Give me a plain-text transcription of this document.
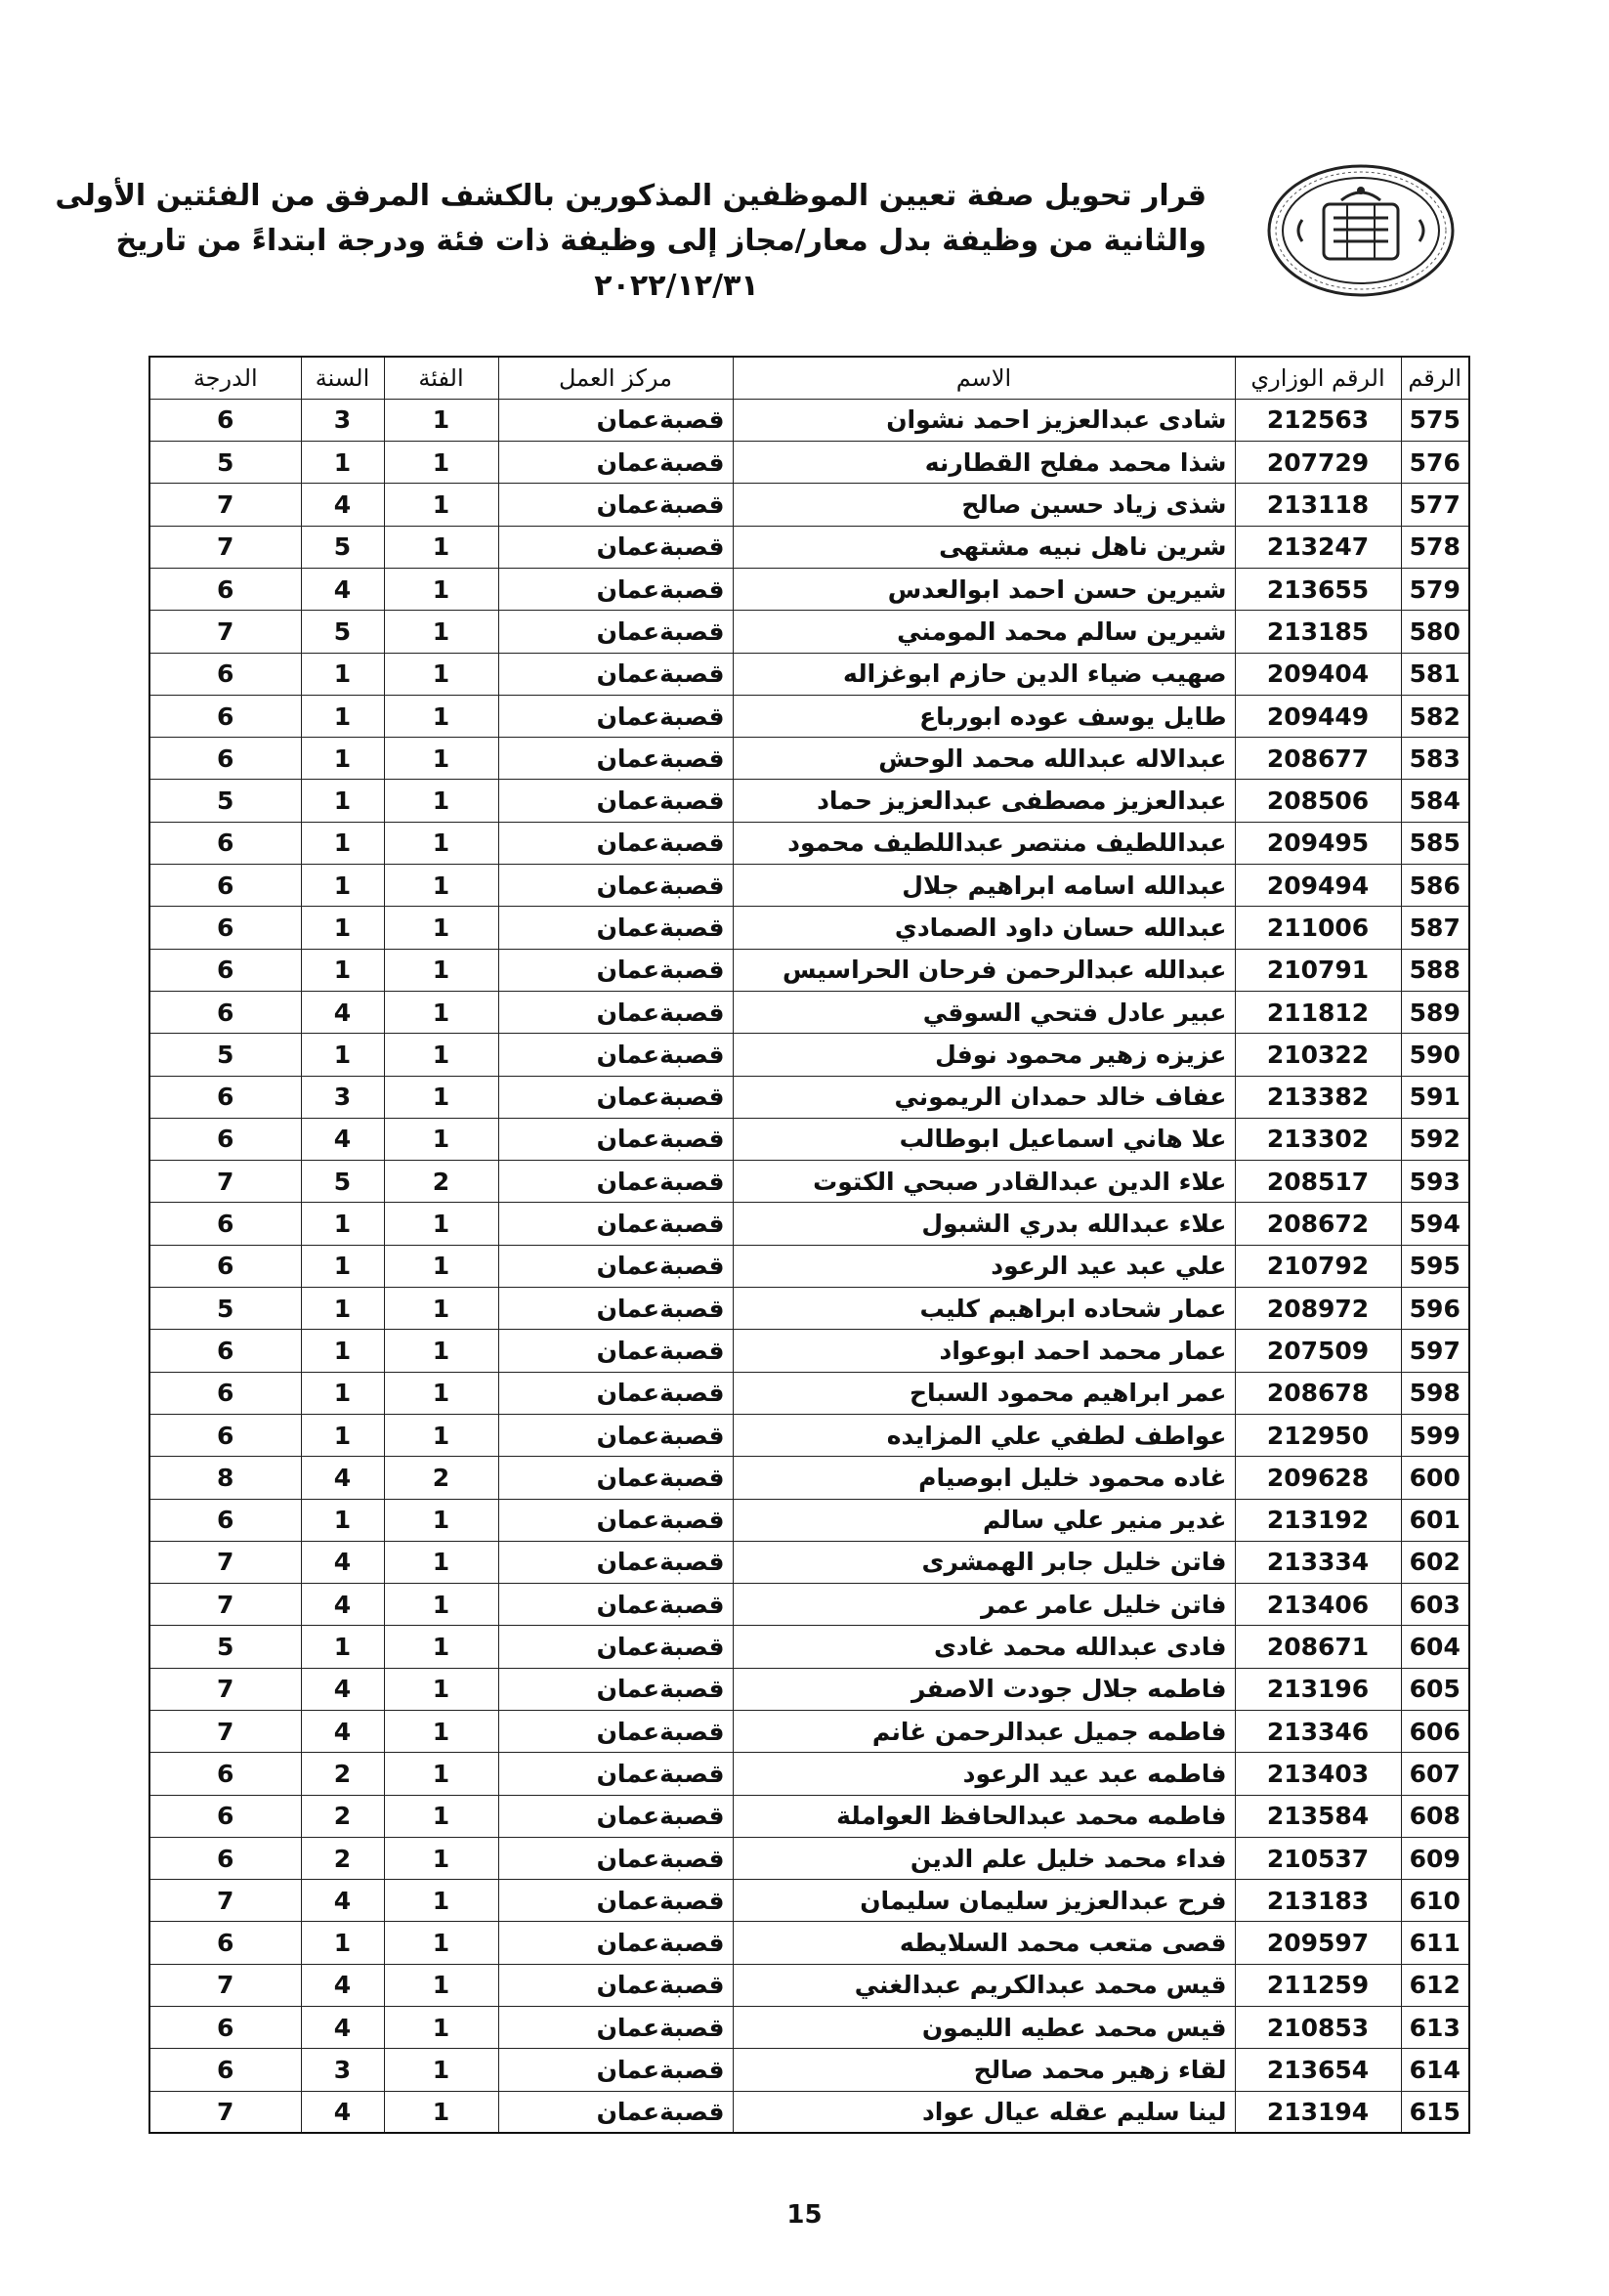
قرار تحويل صفة تعيين الموظفين المذكورين بالكشف المرفق من الفئتين الأولى
والثانية من وظيفة بدل معار/مجاز إلى وظيفة ذات فئة ودرجة ابتداءً من تاريخ
٢٠٢٢/١٢/٣١
الرقم	الرقم الوزاري	الاسم	مركز العمل	الفئة	السنة	الدرجة
575	212563	شادى عبدالعزيز احمد نشوان	قصبةعمان	1	3	6
576	207729	شذا محمد مفلح القطارنه	قصبةعمان	1	1	5
577	213118	شذى زياد حسين صالح	قصبةعمان	1	4	7
578	213247	شرين ناهل نبيه مشتهى	قصبةعمان	1	5	7
579	213655	شيرين حسن احمد ابوالعدس	قصبةعمان	1	4	6
580	213185	شيرين سالم محمد المومني	قصبةعمان	1	5	7
581	209404	صهيب ضياء الدين حازم ابوغزاله	قصبةعمان	1	1	6
582	209449	طايل يوسف عوده ابورباع	قصبةعمان	1	1	6
583	208677	عبدالاله عبدالله محمد الوحش	قصبةعمان	1	1	6
584	208506	عبدالعزيز مصطفى عبدالعزيز حماد	قصبةعمان	1	1	5
585	209495	عبداللطيف منتصر عبداللطيف محمود	قصبةعمان	1	1	6
586	209494	عبدالله اسامه ابراهيم جلال	قصبةعمان	1	1	6
587	211006	عبدالله حسان داود الصمادي	قصبةعمان	1	1	6
588	210791	عبدالله عبدالرحمن فرحان الحراسيس	قصبةعمان	1	1	6
589	211812	عبير عادل فتحي السوقي	قصبةعمان	1	4	6
590	210322	عزيزه زهير محمود نوفل	قصبةعمان	1	1	5
591	213382	عفاف خالد حمدان الريموني	قصبةعمان	1	3	6
592	213302	علا هاني اسماعيل ابوطالب	قصبةعمان	1	4	6
593	208517	علاء الدين عبدالقادر صبحي الكتوت	قصبةعمان	2	5	7
594	208672	علاء عبدالله بدري الشبول	قصبةعمان	1	1	6
595	210792	علي عبد عيد الرعود	قصبةعمان	1	1	6
596	208972	عمار شحاده ابراهيم كليب	قصبةعمان	1	1	5
597	207509	عمار محمد احمد ابوعواد	قصبةعمان	1	1	6
598	208678	عمر ابراهيم محمود السباح	قصبةعمان	1	1	6
599	212950	عواطف لطفي علي المزايده	قصبةعمان	1	1	6
600	209628	غاده محمود خليل ابوصيام	قصبةعمان	2	4	8
601	213192	غدير منير علي سالم	قصبةعمان	1	1	6
602	213334	فاتن خليل جابر الهمشرى	قصبةعمان	1	4	7
603	213406	فاتن خليل عامر عمر	قصبةعمان	1	4	7
604	208671	فادى عبدالله محمد غادى	قصبةعمان	1	1	5
605	213196	فاطمه جلال جودت الاصفر	قصبةعمان	1	4	7
606	213346	فاطمه جميل عبدالرحمن غانم	قصبةعمان	1	4	7
607	213403	فاطمه عبد عيد الرعود	قصبةعمان	1	2	6
608	213584	فاطمه محمد عبدالحافظ العواملة	قصبةعمان	1	2	6
609	210537	فداء محمد خليل علم الدين	قصبةعمان	1	2	6
610	213183	فرح عبدالعزيز سليمان سليمان	قصبةعمان	1	4	7
611	209597	قصى متعب محمد السلايطه	قصبةعمان	1	1	6
612	211259	قيس محمد عبدالكريم عبدالغني	قصبةعمان	1	4	7
613	210853	قيس محمد عطيه الليمون	قصبةعمان	1	4	6
614	213654	لقاء زهير محمد صالح	قصبةعمان	1	3	6
615	213194	لينا سليم عقله عيال عواد	قصبةعمان	1	4	7
15
